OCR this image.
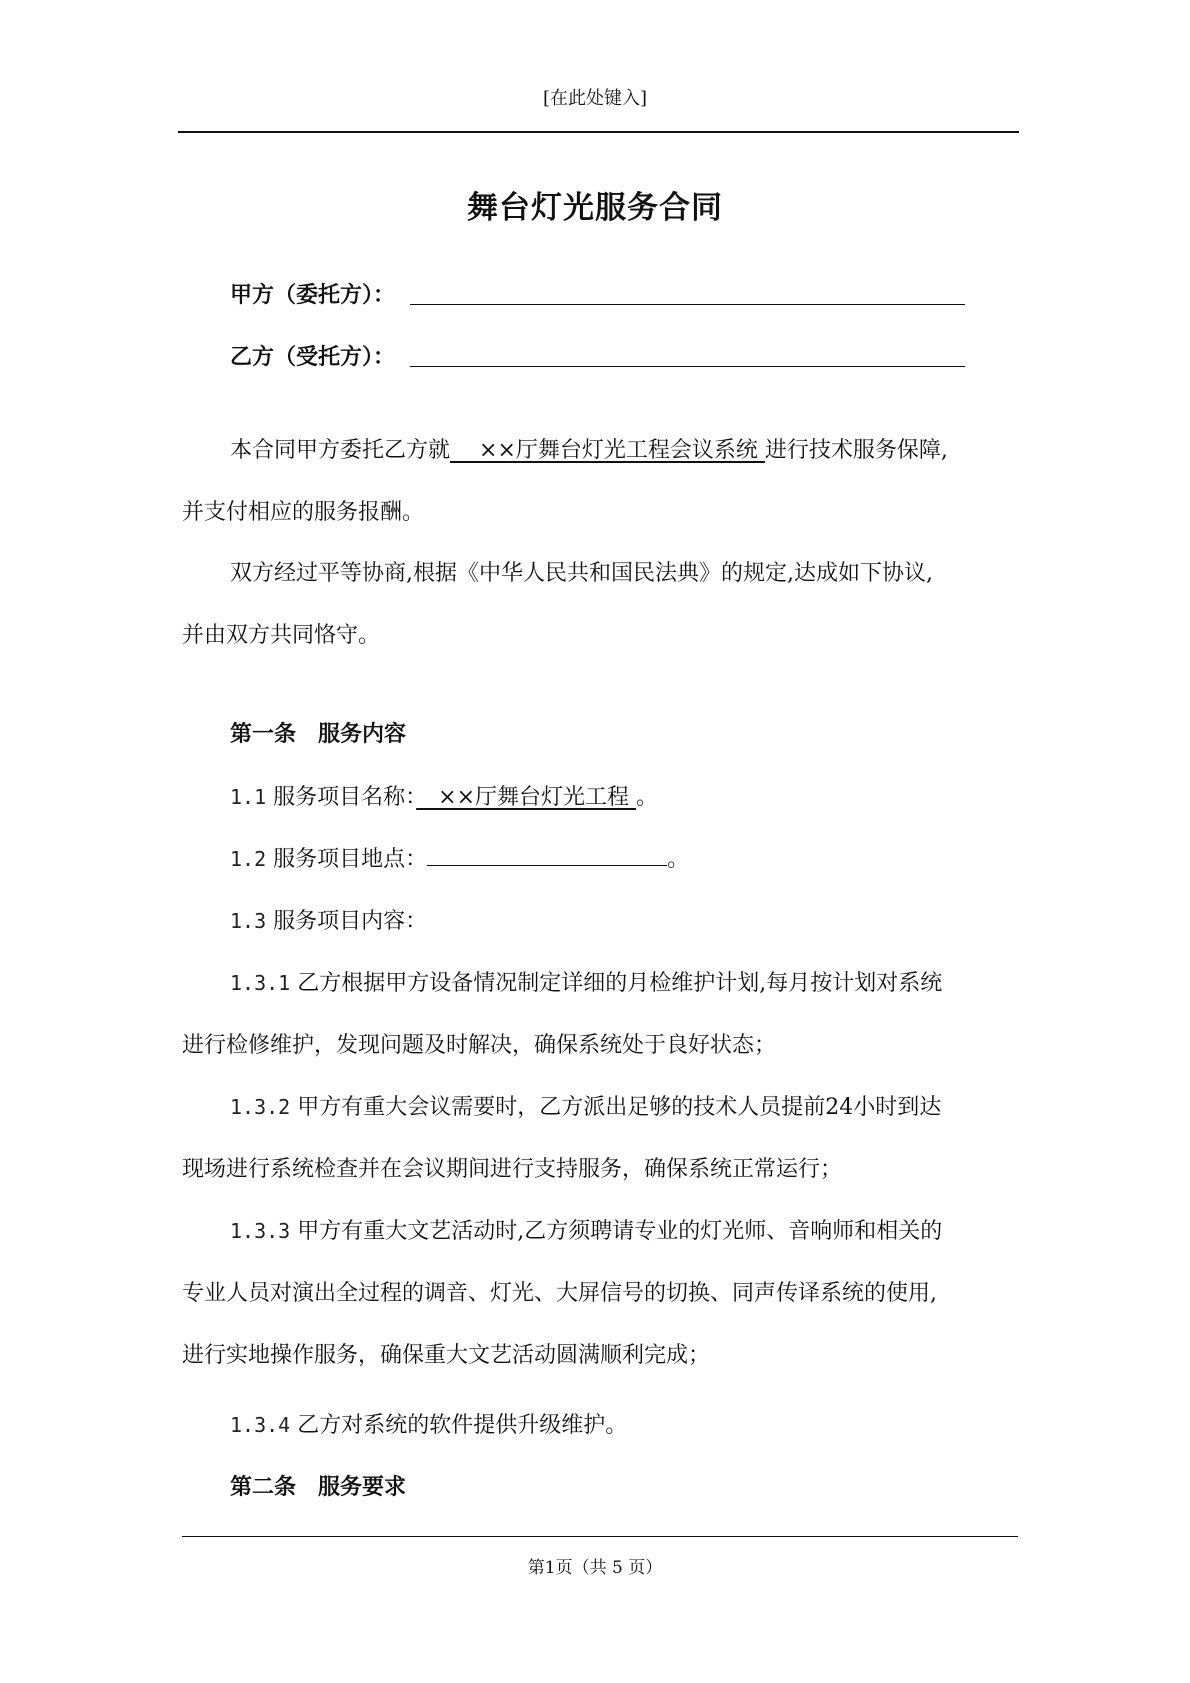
[在此处键入]
舞台灯光服务合同
甲方（委托方）：
乙方（受托方）：
本合同甲方委托乙方就　 ××厅舞台灯光工程会议系统 进行技术服务保障,
并支付相应的服务报酬。
双方经过平等协商,根据《中华人民共和国民法典》的规定,达成如下协议,
并由双方共同恪守。
第一条　服务内容
1.1 服务项目名称：　××厅舞台灯光工程 。
1.2 服务项目地点：	。
1.3 服务项目内容：
1.3.1 乙方根据甲方设备情况制定详细的月检维护计划,每月按计划对系统
进行检修维护，发现问题及时解决，确保系统处于良好状态；
1.3.2 甲方有重大会议需要时，乙方派出足够的技术人员提前24小时到达
现场进行系统检查并在会议期间进行支持服务，确保系统正常运行；
1.3.3 甲方有重大文艺活动时,乙方须聘请专业的灯光师、音响师和相关的
专业人员对演出全过程的调音、灯光、大屏信号的切换、同声传译系统的使用,
进行实地操作服务，确保重大文艺活动圆满顺利完成；
1.3.4 乙方对系统的软件提供升级维护。
第二条　服务要求
第1页（共 5 页）
